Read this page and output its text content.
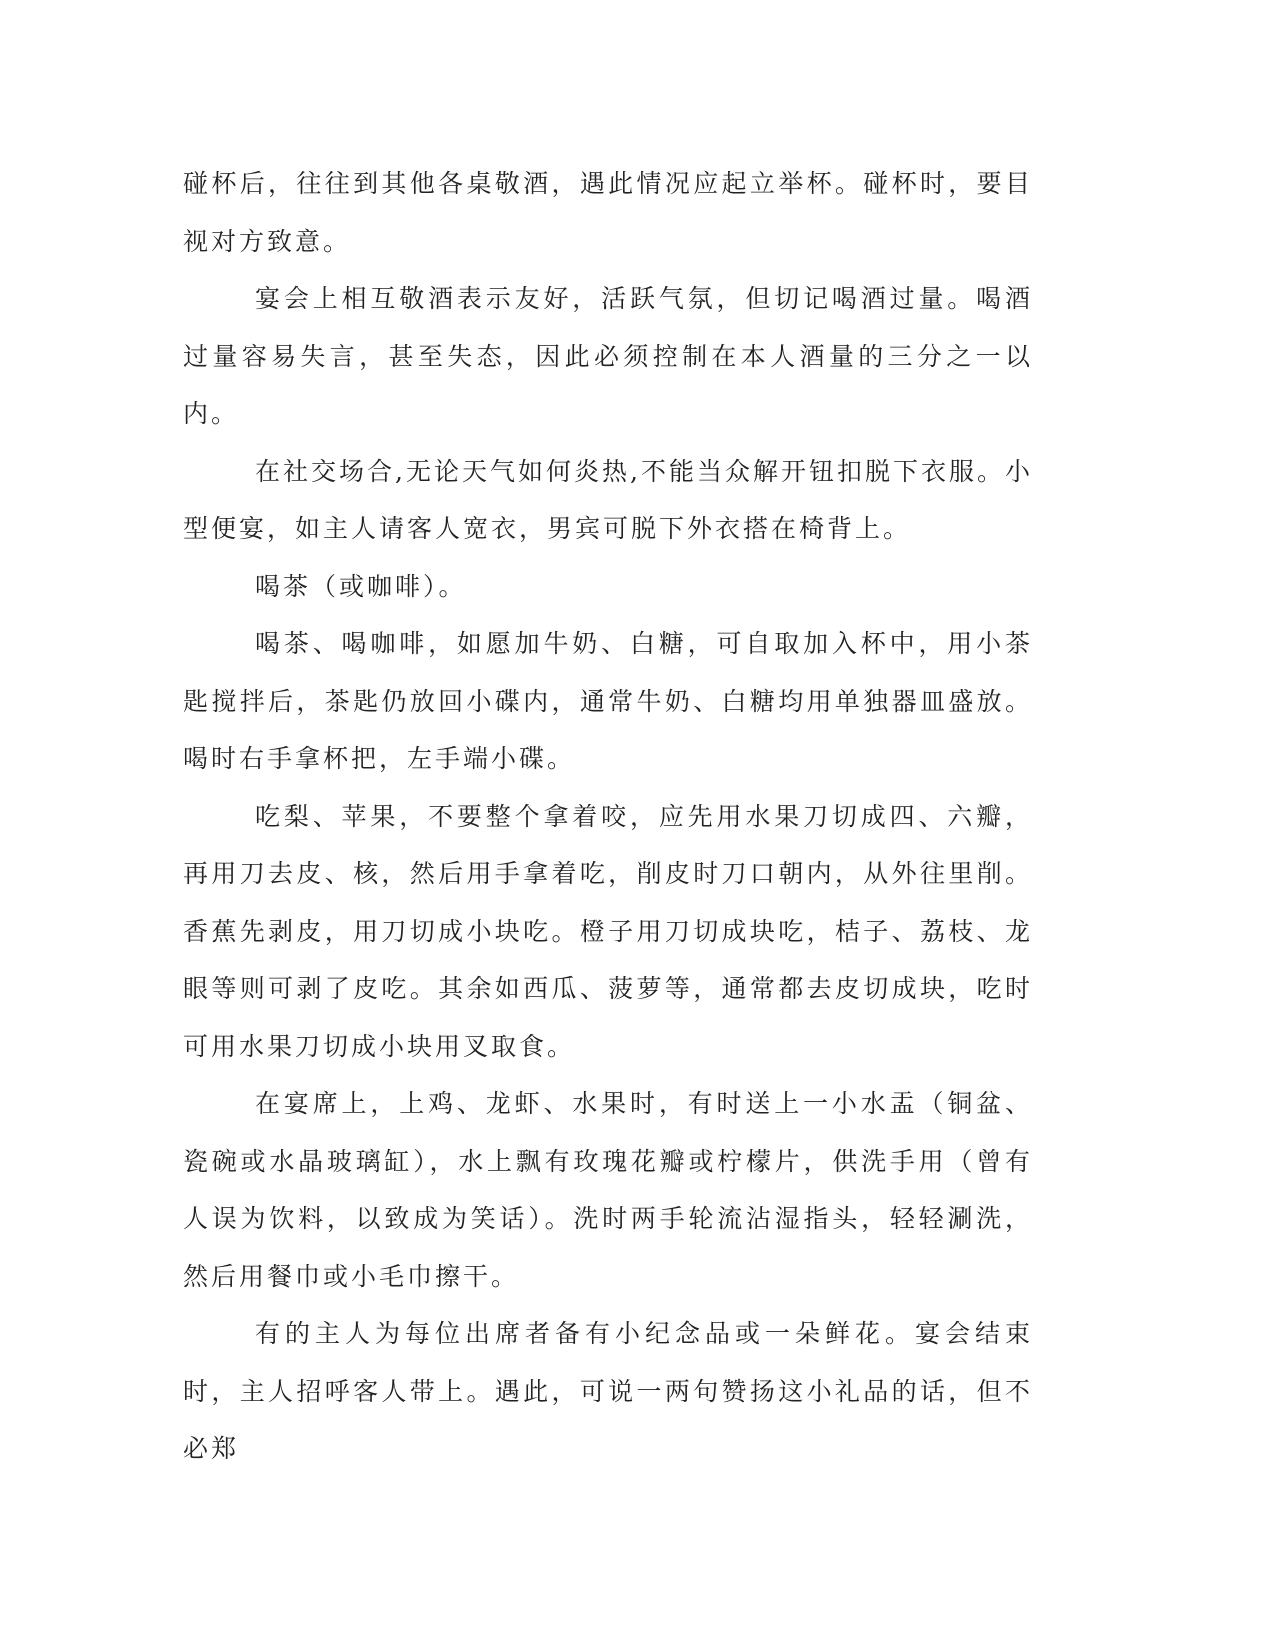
碰杯后，往往到其他各桌敬酒，遇此情况应起立举杯。碰杯时，要目视对方致意。

宴会上相互敬酒表示友好，活跃气氛，但切记喝酒过量。喝酒过量容易失言，甚至失态，因此必须控制在本人酒量的三分之一以内。

在社交场合,无论天气如何炎热,不能当众解开钮扣脱下衣服。小型便宴，如主人请客人宽衣，男宾可脱下外衣搭在椅背上。

喝茶（或咖啡）。

喝茶、喝咖啡，如愿加牛奶、白糖，可自取加入杯中，用小茶匙搅拌后，茶匙仍放回小碟内，通常牛奶、白糖均用单独器皿盛放。喝时右手拿杯把，左手端小碟。

吃梨、苹果，不要整个拿着咬，应先用水果刀切成四、六瓣，再用刀去皮、核，然后用手拿着吃，削皮时刀口朝内，从外往里削。香蕉先剥皮，用刀切成小块吃。橙子用刀切成块吃，桔子、荔枝、龙眼等则可剥了皮吃。其余如西瓜、菠萝等，通常都去皮切成块，吃时可用水果刀切成小块用叉取食。

在宴席上，上鸡、龙虾、水果时，有时送上一小水盂（铜盆、瓷碗或水晶玻璃缸），水上飘有玫瑰花瓣或柠檬片，供洗手用（曾有人误为饮料，以致成为笑话）。洗时两手轮流沾湿指头，轻轻涮洗，然后用餐巾或小毛巾擦干。

有的主人为每位出席者备有小纪念品或一朵鲜花。宴会结束时，主人招呼客人带上。遇此，可说一两句赞扬这小礼品的话，但不必郑
